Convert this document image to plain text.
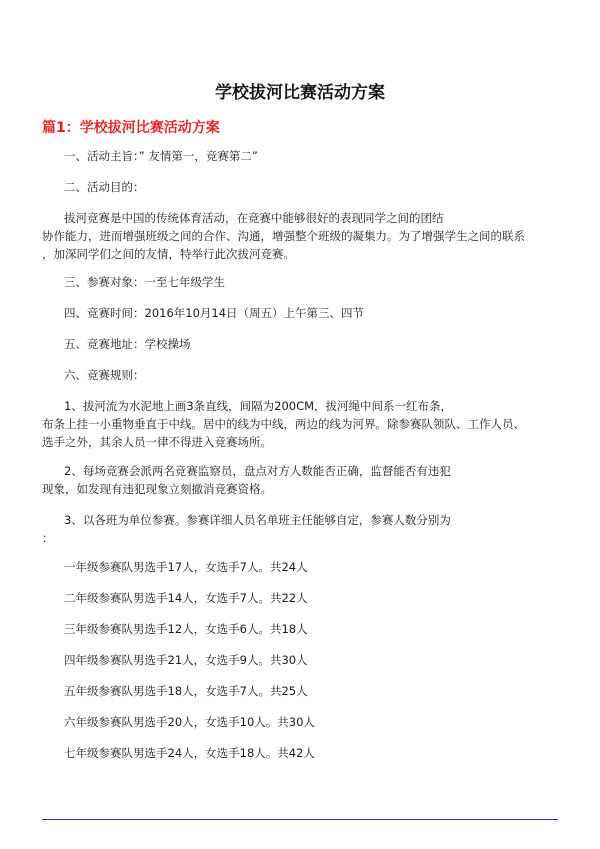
学校拔河比赛活动方案
篇1：学校拔河比赛活动方案
一、活动主旨：” 友情第一，竞赛第二”
二、活动目的：
拔河竞赛是中国的传统体育活动，在竞赛中能够很好的表现同学之间的团结
协作能力，进而增强班级之间的合作、沟通，增强整个班级的凝集力。为了增强学生之间的联系
，加深同学们之间的友情，特举行此次拔河竞赛。
三、参赛对象：一至七年级学生
四、竞赛时间：2016年10月14日（周五）上午第三、四节
五、竞赛地址：学校操场
六、竞赛规则：
1、拔河流为水泥地上画3条直线，间隔为200CM，拔河绳中间系一红布条，
布条上挂一小重物垂直于中线。居中的线为中线，两边的线为河界。除参赛队领队、工作人员、
选手之外，其余人员一律不得进入竞赛场所。
2、每场竞赛会派两名竞赛监察员，盘点对方人数能否正确，监督能否有违犯
现象，如发现有违犯现象立刻撤消竞赛资格。
3、以各班为单位参赛。参赛详细人员名单班主任能够自定，参赛人数分别为
：
一年级参赛队男选手17人，女选手7人。共24人
二年级参赛队男选手14人，女选手7人。共22人
三年级参赛队男选手12人，女选手6人。共18人
四年级参赛队男选手21人，女选手9人。共30人
五年级参赛队男选手18人，女选手7人。共25人
六年级参赛队男选手20人，女选手10人。共30人
七年级参赛队男选手24人，女选手18人。共42人
